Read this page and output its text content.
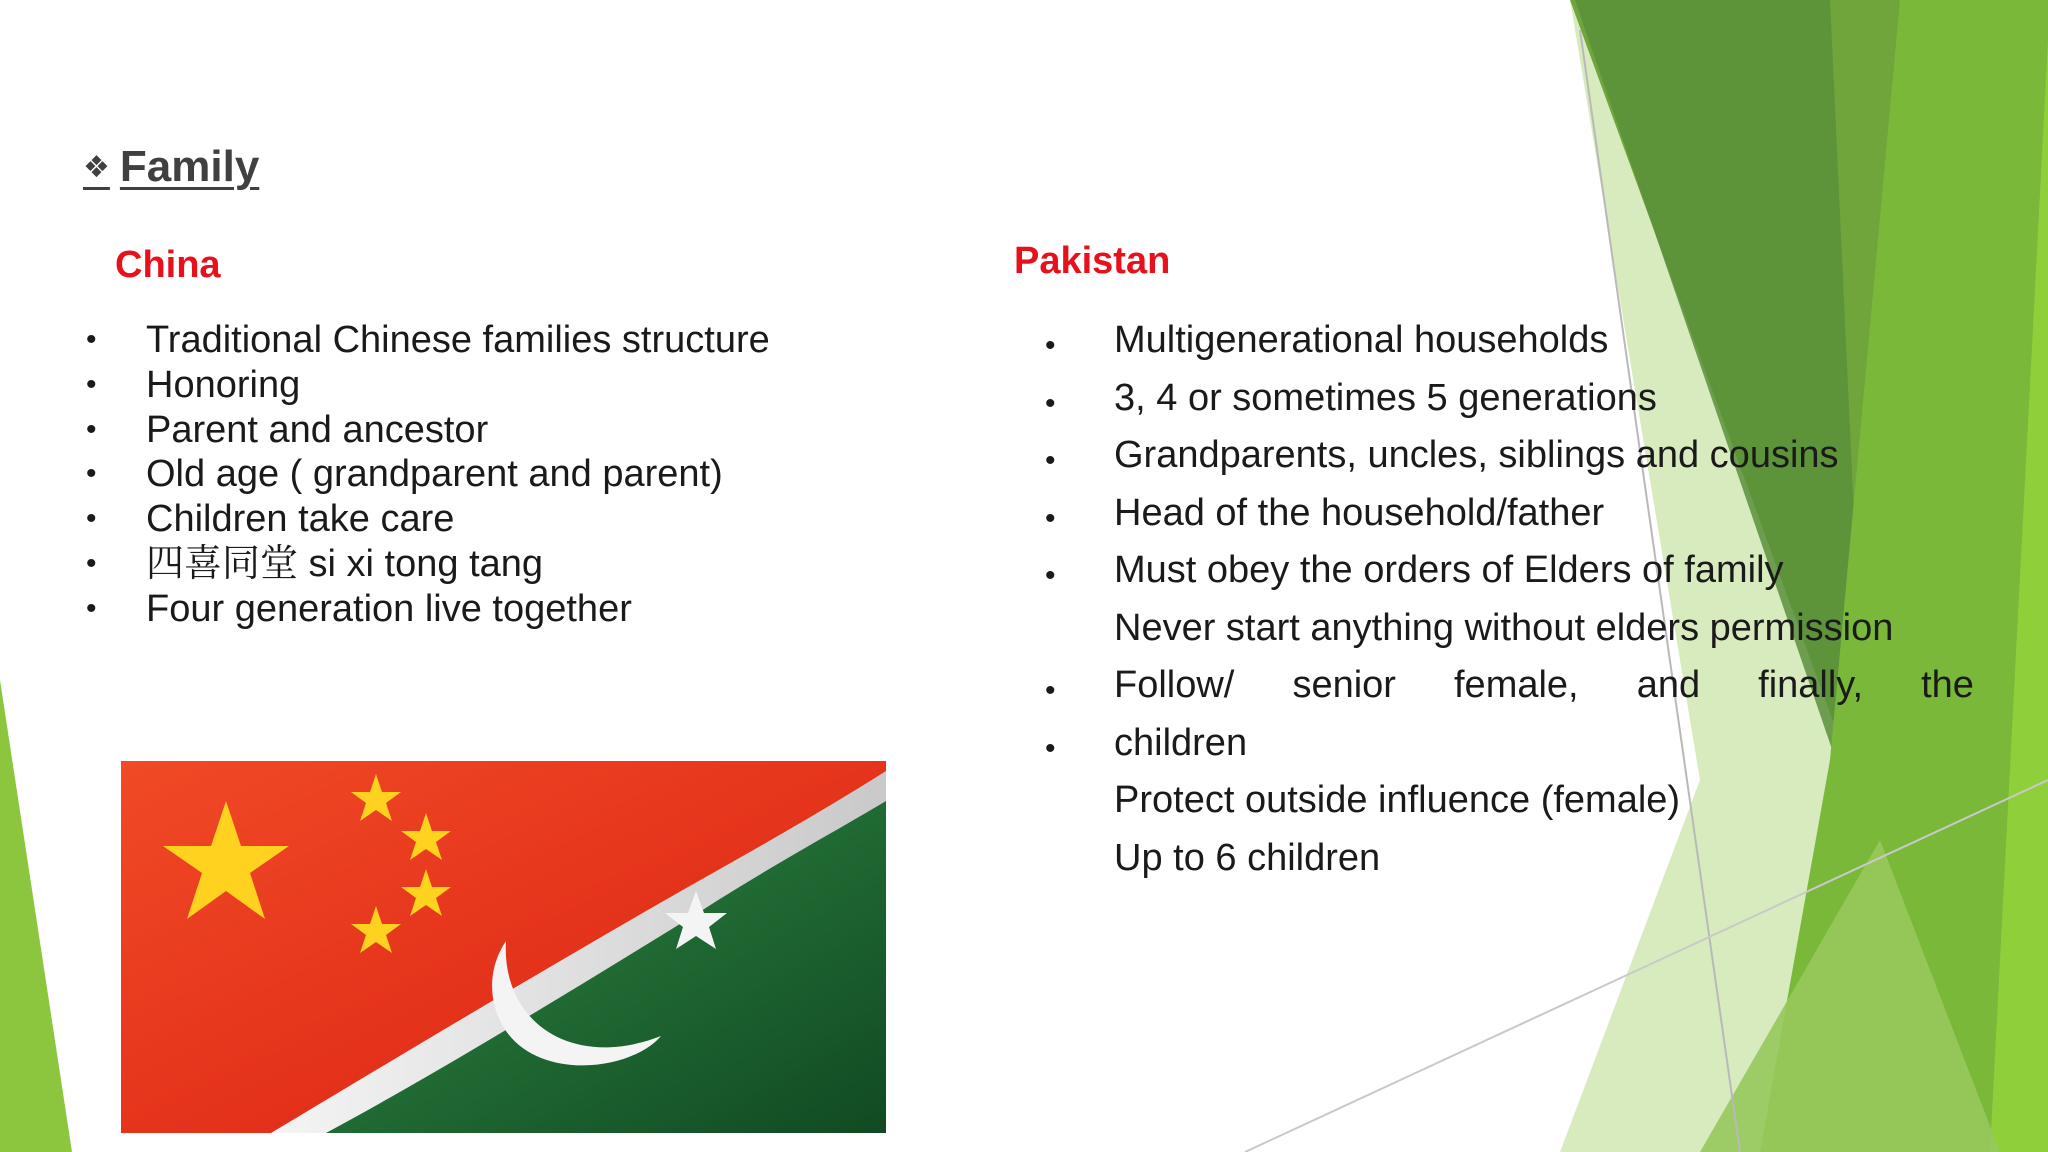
❖ Family
China	Pakistan
• Traditional Chinese families structure
• Honoring
• Parent and ancestor
• Old age ( grandparent and parent)
• Children take care
• 四喜同堂 si xi tong tang
• Four generation live together
• Multigenerational households
• 3, 4 or sometimes 5 generations
• Grandparents, uncles, siblings and cousins
• Head of the household/father
• Must obey the orders of Elders of family
Never start anything without elders permission
• Follow/ senior female, and finally, the
• children
Protect outside influence (female)
Up to 6 children
